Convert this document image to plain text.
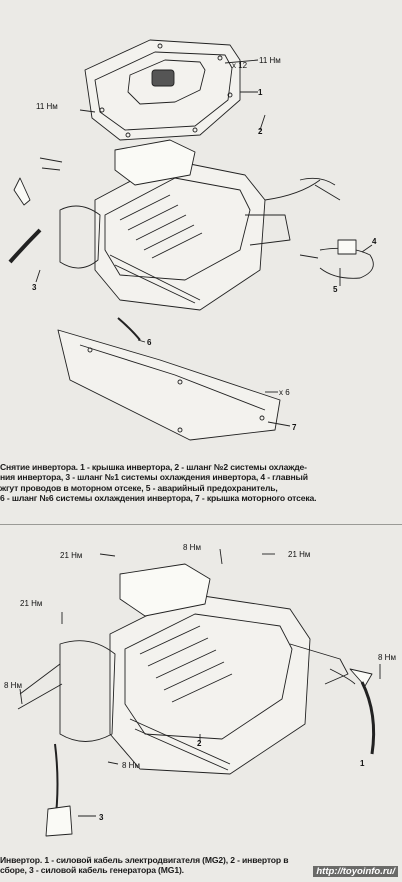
11 Нм
11 Нм
x 12
x 6
1
2
3
4
5
6
7
Снятие инвертора. 1 - крышка инвертора, 2 - шланг №2 системы охлажде-
ния инвертора, 3 - шланг №1 системы охлаждения инвертора, 4 - главный
жгут проводов в моторном отсеке, 5 - аварийный предохранитель,
6 - шланг №6 системы охлаждения инвертора, 7 - крышка моторного отсека.
21 Нм
8 Нм
21 Нм
21 Нм
8 Нм
8 Нм
8 Нм	1
2
3
Инвертор. 1 - силовой кабель электродвигателя (MG2), 2 - инвертор в
сборе, 3 - силовой кабель генератора (MG1).	http://toyoinfo.ru/
